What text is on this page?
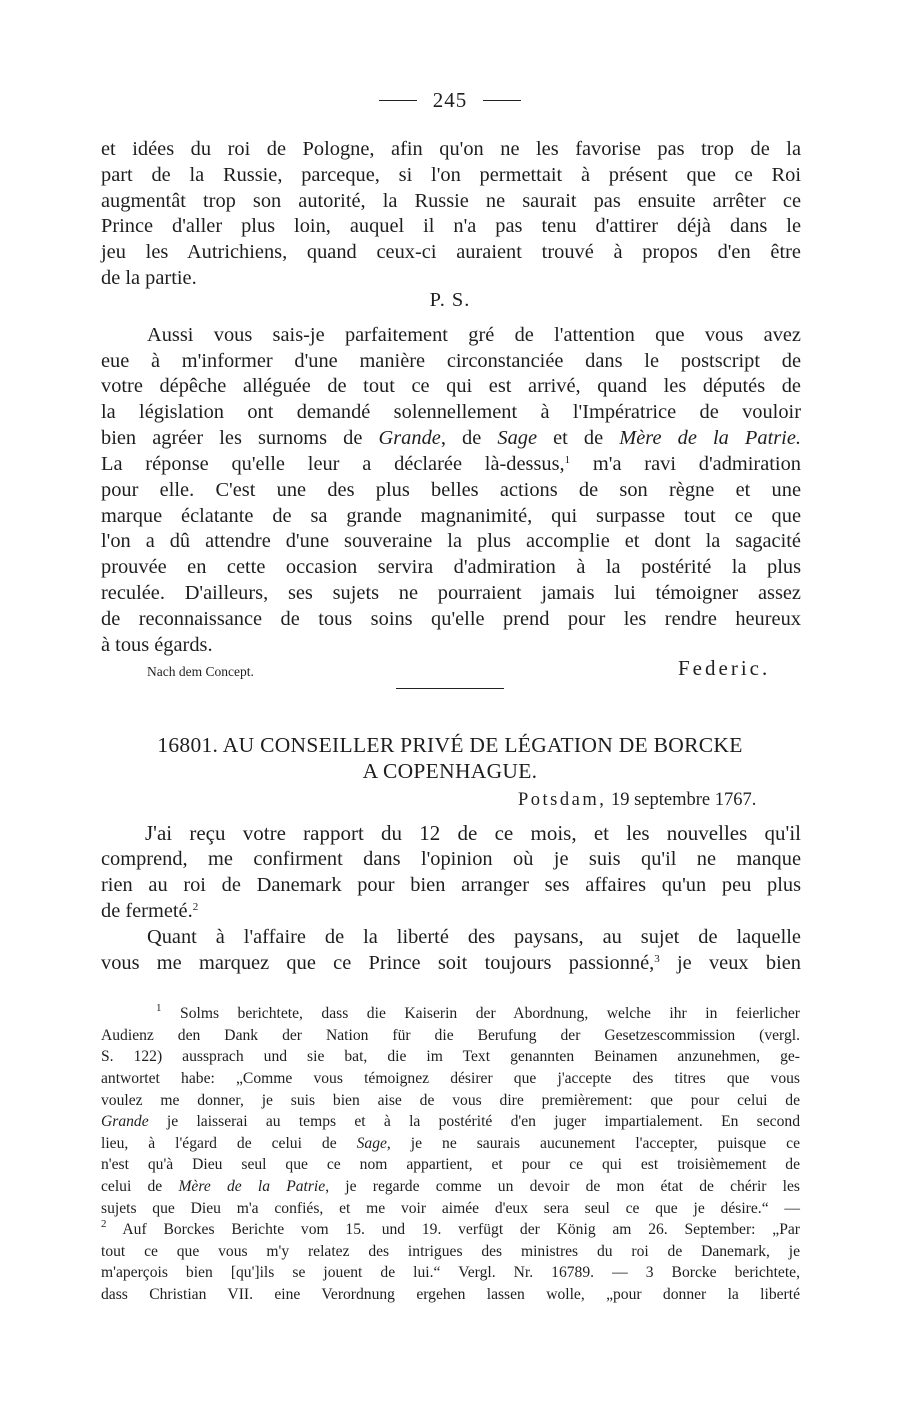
245
et idées du roi de Pologne, afin qu'on ne les favorise pas trop de la
part de la Russie, parceque, si l'on permettait à présent que ce Roi
augmentât trop son autorité, la Russie ne saurait pas ensuite arrêter ce
Prince d'aller plus loin, auquel il n'a pas tenu d'attirer déjà dans le
jeu les Autrichiens, quand ceux-ci auraient trouvé à propos d'en être
de la partie.
P. S.
Aussi vous sais-je parfaitement gré de l'attention que vous avez
eue à m'informer d'une manière circonstanciée dans le postscript de
votre dépêche alléguée de tout ce qui est arrivé, quand les députés de
la législation ont demandé solennellement à l'Impératrice de vouloir
bien agréer les surnoms de Grande, de Sage et de Mère de la Patrie.
La réponse qu'elle leur a déclarée là-dessus,$^1$ m'a ravi d'admiration
pour elle. C'est une des plus belles actions de son règne et une
marque éclatante de sa grande magnanimité, qui surpasse tout ce que
l'on a dû attendre d'une souveraine la plus accomplie et dont la sagacité
prouvée en cette occasion servira d'admiration à la postérité la plus
reculée. D'ailleurs, ses sujets ne pourraient jamais lui témoigner assez
de reconnaissance de tous soins qu'elle prend pour les rendre heureux
à tous égards.
Nach dem Concept.	Federic.
16801. AU CONSEILLER PRIVÉ DE LÉGATION DE BORCKE
A COPENHAGUE.
Potsdam, 19 septembre 1767.
J'ai reçu votre rapport du 12 de ce mois, et les nouvelles qu'il
comprend, me confirment dans l'opinion où je suis qu'il ne manque
rien au roi de Danemark pour bien arranger ses affaires qu'un peu plus
de fermeté.$^2$
Quant à l'affaire de la liberté des paysans, au sujet de laquelle
vous me marquez que ce Prince soit toujours passionné,$^3$ je veux bien
$^1$ Solms berichtete, dass die Kaiserin der Abordnung, welche ihr in feierlicher
Audienz den Dank der Nation für die Berufung der Gesetzescommission (vergl.
S. 122) aussprach und sie bat, die im Text genannten Beinamen anzunehmen, ge-
antwortet habe: „Comme vous témoignez désirer que j'accepte des titres que vous
voulez me donner, je suis bien aise de vous dire premièrement: que pour celui de
Grande je laisserai au temps et à la postérité d'en juger impartialement. En second
lieu, à l'égard de celui de Sage, je ne saurais aucunement l'accepter, puisque ce
n'est qu'à Dieu seul que ce nom appartient, et pour ce qui est troisièmement de
celui de Mère de la Patrie, je regarde comme un devoir de mon état de chérir les
sujets que Dieu m'a confiés, et me voir aimée d'eux sera seul ce que je désire.“ —
$^2$ Auf Borckes Berichte vom 15. und 19. verfügt der König am 26. September: „Par
tout ce que vous m'y relatez des intrigues des ministres du roi de Danemark, je
m'aperçois bien [qu']ils se jouent de lui.“ Vergl. Nr. 16789. — 3 Borcke berichtete,
dass Christian VII. eine Verordnung ergehen lassen wolle, „pour donner la liberté
